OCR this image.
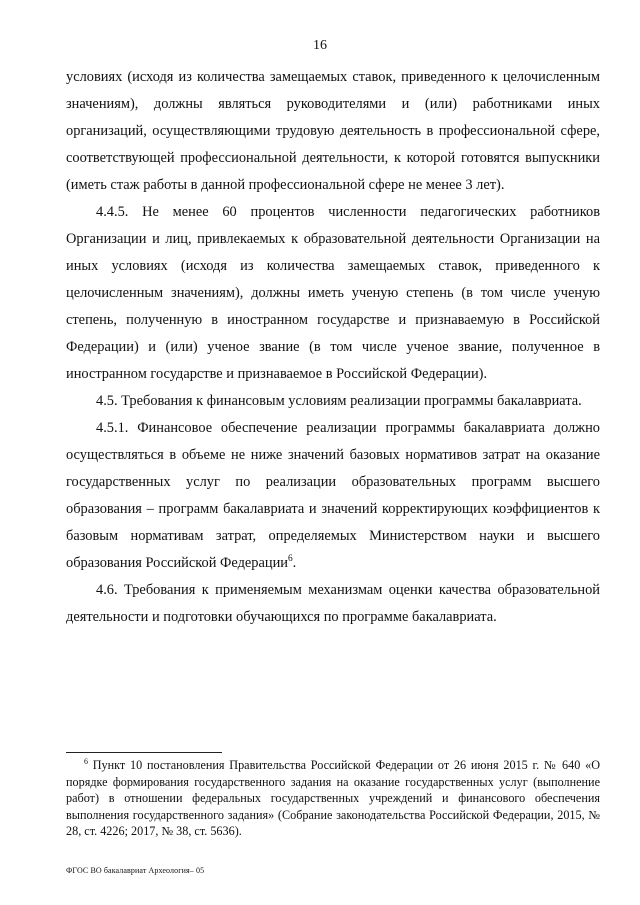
16

условиях (исходя из количества замещаемых ставок, приведенного к целочисленным значениям), должны являться руководителями и (или) работниками иных организаций, осуществляющими трудовую деятельность в профессиональной сфере, соответствующей профессиональной деятельности, к которой готовятся выпускники (иметь стаж работы в данной профессиональной сфере не менее 3 лет).

4.4.5. Не менее 60 процентов численности педагогических работников Организации и лиц, привлекаемых к образовательной деятельности Организации на иных условиях (исходя из количества замещаемых ставок, приведенного к целочисленным значениям), должны иметь ученую степень (в том числе ученую степень, полученную в иностранном государстве и признаваемую в Российской Федерации) и (или) ученое звание (в том числе ученое звание, полученное в иностранном государстве и признаваемое в Российской Федерации).

4.5. Требования к финансовым условиям реализации программы бакалавриата.

4.5.1. Финансовое обеспечение реализации программы бакалавриата должно осуществляться в объеме не ниже значений базовых нормативов затрат на оказание государственных услуг по реализации образовательных программ высшего образования – программ бакалавриата и значений корректирующих коэффициентов к базовым нормативам затрат, определяемых Министерством науки и высшего образования Российской Федерации$^6$.

4.6. Требования к применяемым механизмам оценки качества образовательной деятельности и подготовки обучающихся по программе бакалавриата.

$^6$ Пункт 10 постановления Правительства Российской Федерации от 26 июня 2015 г. № 640 «О порядке формирования государственного задания на оказание государственных услуг (выполнение работ) в отношении федеральных государственных учреждений и финансового обеспечения выполнения государственного задания» (Собрание законодательства Российской Федерации, 2015, № 28, ст. 4226; 2017, № 38, ст. 5636).

ФГОС ВО бакалавриат Археология– 05
